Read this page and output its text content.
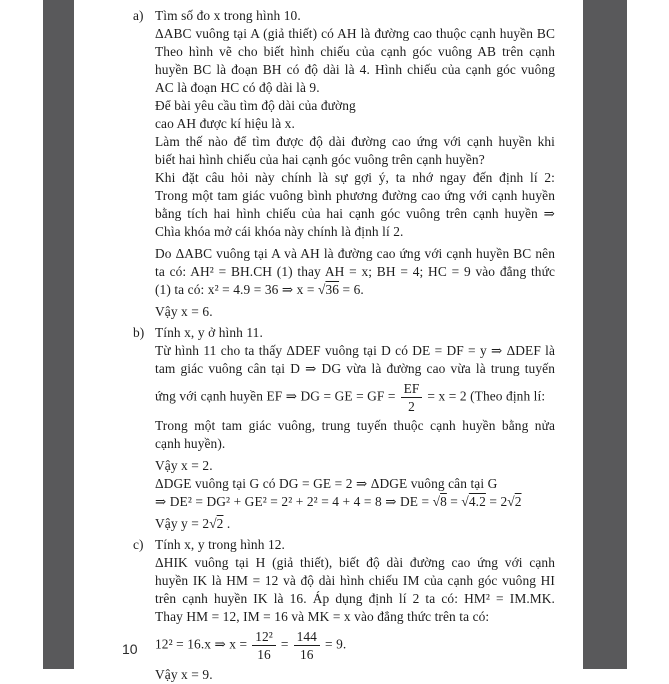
a) Tìm số đo x trong hình 10.
ΔABC vuông tại A (giả thiết) có AH là đường cao thuộc cạnh huyền BC
Theo hình vẽ cho biết hình chiếu của cạnh góc vuông AB trên cạnh
huyền BC là đoạn BH có độ dài là 4. Hình chiếu của cạnh góc vuông
AC là đoạn HC có độ dài là 9.
Để bài yêu cầu tìm độ dài của đường
cao AH được kí hiệu là x.
Làm thế nào để tìm được độ dài đường cao ứng với cạnh huyền khi
biết hai hình chiếu của hai cạnh góc vuông trên cạnh huyền?
Khi đặt câu hỏi này chính là sự gợi ý, ta nhớ ngay đến định lí 2:
Trong một tam giác vuông bình phương đường cao ứng với cạnh huyền
bằng tích hai hình chiếu của hai cạnh góc vuông trên cạnh huyền ⇒
Chìa khóa mở cái khóa này chính là định lí 2.
Do ΔABC vuông tại A và AH là đường cao ứng với cạnh huyền BC nên
ta có: AH² = BH.CH (1) thay AH = x; BH = 4; HC = 9 vào đẳng thức
(1) ta có: x² = 4.9 = 36 ⇒ x = √ 36 = 6.
Vậy x = 6.
b) Tính x, y ở hình 11.
Từ hình 11 cho ta thấy ΔDEF vuông tại D có DE = DF = y ⇒ ΔDEF là
tam giác vuông cân tại D ⇒ DG vừa là đường cao vừa là trung tuyến
ứng với cạnh huyền EF ⇒ DG = GE = GF = $\frac{EF}{2} = x = 2$ (Theo định lí:
Trong một tam giác vuông, trung tuyến thuộc cạnh huyền bằng nửa
cạnh huyền).
Vậy x = 2.
ΔDGE vuông tại G có DG = GE = 2 ⇒ ΔDGE vuông cân tại G
⇒ DE² = DG² + GE² = 2² + 2² = 4 + 4 = 8 ⇒ DE = √ 8 = √ 4.2 = 2 √ 2
Vậy y = 2 √ 2 .
c) Tính x, y trong hình 12.
ΔHIK vuông tại H (giả thiết), biết độ dài đường cao ứng với cạnh
huyền IK là HM = 12 và độ dài hình chiếu IM của cạnh góc vuông HI
trên cạnh huyền IK là 16. Áp dụng định lí 2 ta có: HM² = IM.MK.
Thay HM = 12, IM = 16 và MK = x vào đẳng thức trên ta có:
12² = 16.x ⇒ $x = \frac{\text{12²}}{16} = \frac{144}{16} = 9$.
Vậy x = 9.
10
